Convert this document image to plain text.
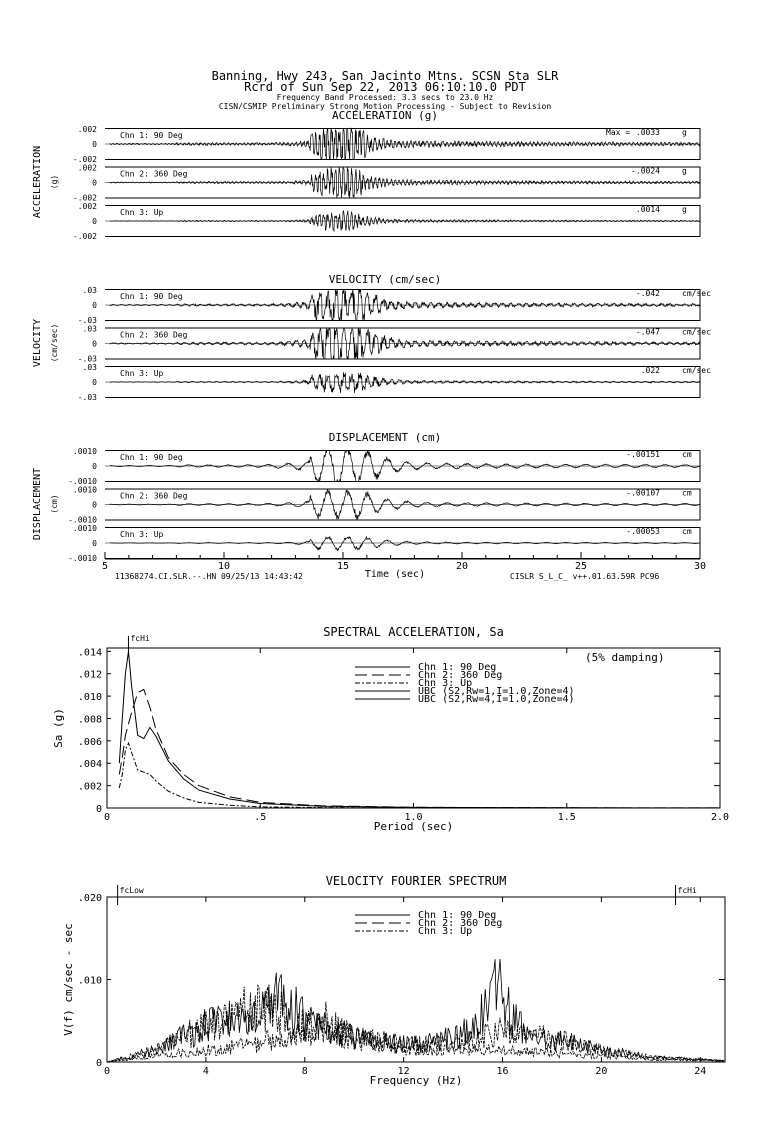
Banning, Hwy 243, San Jacinto Mtns. SCSN Sta SLR
Rcrd of Sun Sep 22, 2013 06:10:10.0 PDT
Frequency Band Processed: 3.3 secs to 23.0 Hz
CISN/CSMIP Preliminary Strong Motion Processing - Subject to Revision
ACCELERATION (g)
ACCELERATION (g)
.002
0
-.002
Chn 1: 90 Deg	Max = .0033	g
.002
0
-.002
Chn 2: 360 Deg	-.0024	g
.002
0
-.002
Chn 3: Up	.0014	g
VELOCITY (cm/sec)
VELOCITY (cm/sec)
.03
0
-.03
Chn 1: 90 Deg	-.042	cm/sec
.03
0
-.03
Chn 2: 360 Deg	-.047	cm/sec
.03
0
-.03
Chn 3: Up	.022	cm/sec
DISPLACEMENT (cm)
DISPLACEMENT (cm)
.0010
0
-.0010
Chn 1: 90 Deg	-.00151	cm
.0010
0
-.0010
Chn 2: 360 Deg	-.00107	cm
.0010
0
-.0010
Chn 3: Up	-.00053	cm
5	10	15	20	25	30
Time (sec)
SPECTRAL ACCELERATION, Sa
Period (sec)
Sa (g)
0	.5	1.0	1.5	2.0
.014
.012
.010
.008
.006
.004
.002
0
Chn 1: 90 Deg
Chn 2: 360 Deg
Chn 3: Up
UBC (S2,Rw=1,I=1.0,Zone=4)
UBC (S2,Rw=4,I=1.0,Zone=4)
(5% damping)
fcHi
VELOCITY FOURIER SPECTRUM
Frequency (Hz)
V(f) cm/sec - sec
0	4	8	12	16	20	24
.020
.010
0
Chn 1: 90 Deg
Chn 2: 360 Deg
Chn 3: Up
fcLow	fcHi
11368274.CI.SLR.--.HN 09/25/13 14:43:42	CISLR S_L_C_ v++.01.63.59R PC96
